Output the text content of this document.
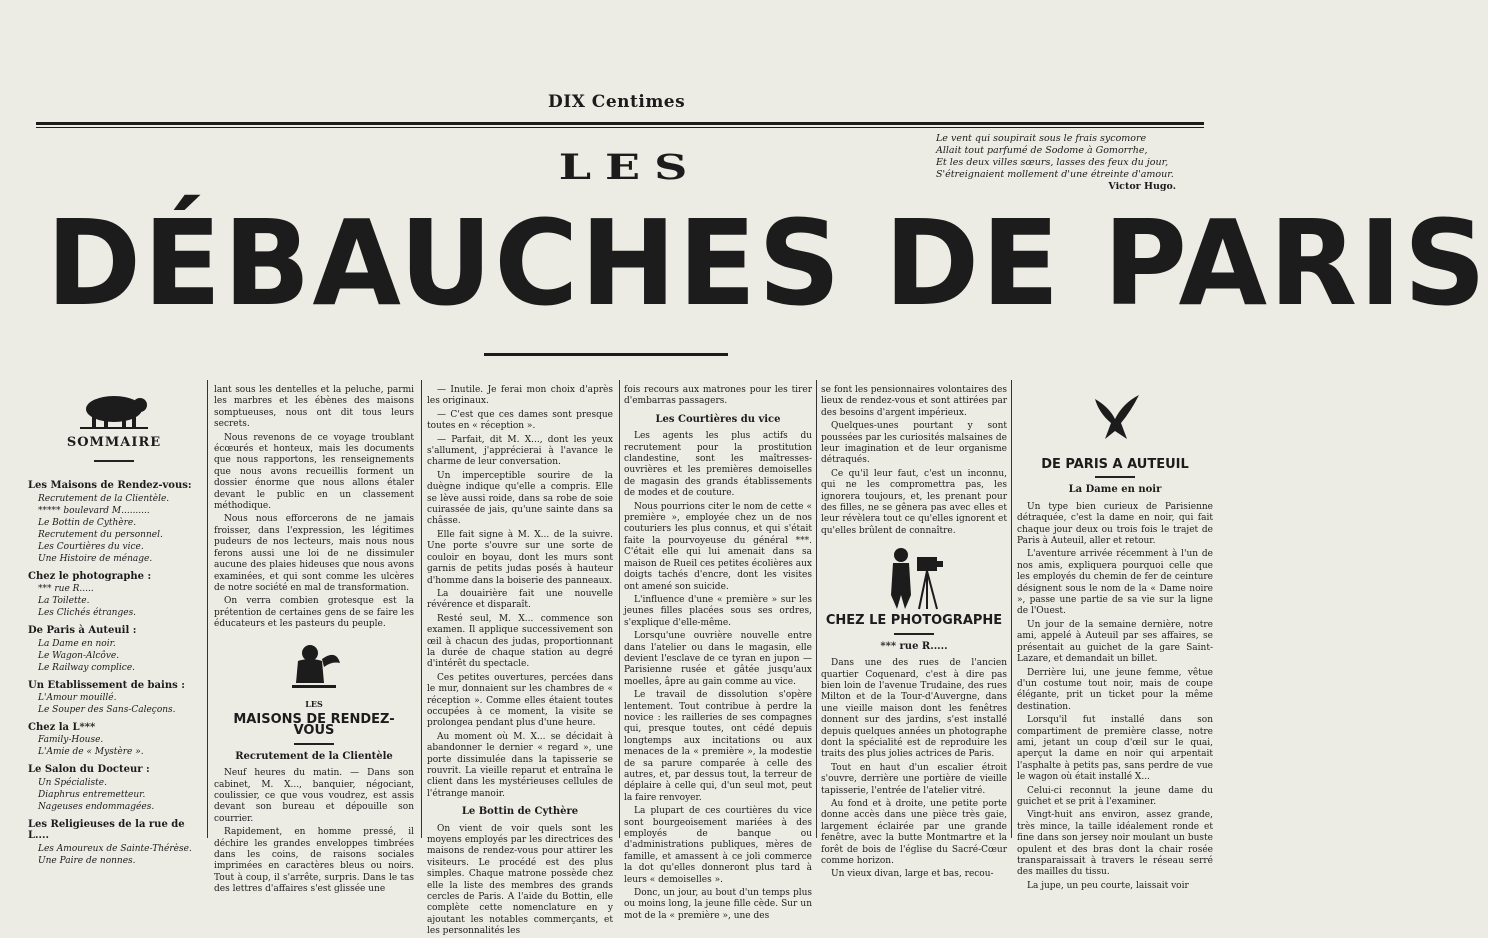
DIX Centimes
Le vent qui soupirait sous le frais sycomore
Allait tout parfumé de Sodome à Gomorrhe,
Et les deux villes sœurs, lasses des feux du jour,
S'étreignaient mollement d'une étreinte d'amour.
Victor Hugo.
LES
DÉBAUCHES DE PARIS
SOMMAIRE
Les Maisons de Rendez-vous:
Recrutement de la Clientèle.
***** boulevard M..........
Le Bottin de Cythère.
Recrutement du personnel.
Les Courtières du vice.
Une Histoire de ménage.
Chez le photographe :
*** rue R.....
La Toilette.
Les Clichés étranges.
De Paris à Auteuil :
La Dame en noir.
Le Wagon-Alcôve.
Le Railway complice.
Un Etablissement de bains :
L'Amour mouillé.
Le Souper des Sans-Caleçons.
Chez la L***
Family-House.
L'Amie de « Mystère ».
Le Salon du Docteur :
Un Spécialiste.
Diaphrus entremetteur.
Nageuses endommagées.
Les Religieuses de la rue de L....
Les Amoureux de Sainte-Thérèse.
Une Paire de nonnes.

lant sous les dentelles et la peluche, parmi les marbres et les ébènes des maisons somptueuses, nous ont dit tous leurs secrets.

Nous revenons de ce voyage troublant écœurés et honteux, mais les documents que nous rapportons, les renseignements que nous avons recueillis forment un dossier énorme que nous allons étaler devant le public en un classement méthodique.

Nous nous efforcerons de ne jamais froisser, dans l'expression, les légitimes pudeurs de nos lecteurs, mais nous nous ferons aussi une loi de ne dissimuler aucune des plaies hideuses que nous avons examinées, et qui sont comme les ulcères de notre société en mal de transformation.

On verra combien grotesque est la prétention de certaines gens de se faire les éducateurs et les pasteurs du peuple.

LES
MAISONS DE RENDEZ-VOUS
Recrutement de la Clientèle

Neuf heures du matin. — Dans son cabinet, M. X..., banquier, négociant, coulissier, ce que vous voudrez, est assis devant son bureau et dépouille son courrier.

Rapidement, en homme pressé, il déchire les grandes enveloppes timbrées dans les coins, de raisons sociales imprimées en caractères bleus ou noirs. Tout à coup, il s'arrête, surpris. Dans le tas des lettres d'affaires s'est glissée une

— Inutile. Je ferai mon choix d'après les originaux.

— C'est que ces dames sont presque toutes en « réception ».

— Parfait, dit M. X..., dont les yeux s'allument, j'apprécierai à l'avance le charme de leur conversation.

Un imperceptible sourire de la duègne indique qu'elle a compris. Elle se lève aussi roide, dans sa robe de soie cuirassée de jais, qu'une sainte dans sa châsse.

Elle fait signe à M. X... de la suivre. Une porte s'ouvre sur une sorte de couloir en boyau, dont les murs sont garnis de petits judas posés à hauteur d'homme dans la boiserie des panneaux.

La douairière fait une nouvelle révérence et disparaît.

Resté seul, M. X... commence son examen. Il applique successivement son œil à chacun des judas, proportionnant la durée de chaque station au degré d'intérêt du spectacle.

Ces petites ouvertures, percées dans le mur, donnaient sur les chambres de « réception ». Comme elles étaient toutes occupées à ce moment, la visite se prolongea pendant plus d'une heure.

Au moment où M. X... se décidait à abandonner le dernier « regard », une porte dissimulée dans la tapisserie se rouvrit. La vieille reparut et entraîna le client dans les mystérieuses cellules de l'étrange manoir.

Le Bottin de Cythère

On vient de voir quels sont les moyens employés par les directrices des maisons de rendez-vous pour attirer les visiteurs. Le procédé est des plus simples. Chaque matrone possède chez elle la liste des membres des grands cercles de Paris. A l'aide du Bottin, elle complète cette nomenclature en y ajoutant les notables commerçants, et les personnalités les

fois recours aux matrones pour les tirer d'embarras passagers.

Les Courtières du vice

Les agents les plus actifs du recrutement pour la prostitution clandestine, sont les maîtresses-ouvrières et les premières demoiselles de magasin des grands établissements de modes et de couture.

Nous pourrions citer le nom de cette « première », employée chez un de nos couturiers les plus connus, et qui s'était faite la pourvoyeuse du général ***. C'était elle qui lui amenait dans sa maison de Rueil ces petites écolières aux doigts tachés d'encre, dont les visites ont amené son suicide.

L'influence d'une « première » sur les jeunes filles placées sous ses ordres, s'explique d'elle-même.

Lorsqu'une ouvrière nouvelle entre dans l'atelier ou dans le magasin, elle devient l'esclave de ce tyran en jupon — Parisienne rusée et gâtée jusqu'aux moelles, âpre au gain comme au vice.

Le travail de dissolution s'opère lentement. Tout contribue à perdre la novice : les railleries de ses compagnes qui, presque toutes, ont cédé depuis longtemps aux incitations ou aux menaces de la « première », la modestie de sa parure comparée à celle des autres, et, par dessus tout, la terreur de déplaire à celle qui, d'un seul mot, peut la faire renvoyer.

La plupart de ces courtières du vice sont bourgeoisement mariées à des employés de banque ou d'administrations publiques, mères de famille, et amassent à ce joli commerce la dot qu'elles donneront plus tard à leurs « demoiselles ».

Donc, un jour, au bout d'un temps plus ou moins long, la jeune fille cède. Sur un mot de la « première », une des

se font les pensionnaires volontaires des lieux de rendez-vous et sont attirées par des besoins d'argent impérieux.

Quelques-unes pourtant y sont poussées par les curiosités malsaines de leur imagination et de leur organisme détraqués.

Ce qu'il leur faut, c'est un inconnu, qui ne les compromettra pas, les ignorera toujours, et, les prenant pour des filles, ne se gênera pas avec elles et leur révèlera tout ce qu'elles ignorent et qu'elles brûlent de connaître.

CHEZ LE PHOTOGRAPHE
*** rue R.....

Dans une des rues de l'ancien quartier Coquenard, c'est à dire pas bien loin de l'avenue Trudaine, des rues Milton et de la Tour-d'Auvergne, dans une vieille maison dont les fenêtres donnent sur des jardins, s'est installé depuis quelques années un photographe dont la spécialité est de reproduire les traits des plus jolies actrices de Paris.

Tout en haut d'un escalier étroit s'ouvre, derrière une portière de vieille tapisserie, l'entrée de l'atelier vitré.

Au fond et à droite, une petite porte donne accès dans une pièce très gaie, largement éclairée par une grande fenêtre, avec la butte Montmartre et la forêt de bois de l'église du Sacré-Cœur comme horizon.

Un vieux divan, large et bas, recou-

DE PARIS A AUTEUIL
La Dame en noir

Un type bien curieux de Parisienne détraquée, c'est la dame en noir, qui fait chaque jour deux ou trois fois le trajet de Paris à Auteuil, aller et retour.

L'aventure arrivée récemment à l'un de nos amis, expliquera pourquoi celle que les employés du chemin de fer de ceinture désignent sous le nom de la « Dame noire », passe une partie de sa vie sur la ligne de l'Ouest.

Un jour de la semaine dernière, notre ami, appelé à Auteuil par ses affaires, se présentait au guichet de la gare Saint-Lazare, et demandait un billet.

Derrière lui, une jeune femme, vêtue d'un costume tout noir, mais de coupe élégante, prit un ticket pour la même destination.

Lorsqu'il fut installé dans son compartiment de première classe, notre ami, jetant un coup d'œil sur le quai, aperçut la dame en noir qui arpentait l'asphalte à petits pas, sans perdre de vue le wagon où était installé X...

Celui-ci reconnut la jeune dame du guichet et se prit à l'examiner.

Vingt-huit ans environ, assez grande, très mince, la taille idéalement ronde et fine dans son jersey noir moulant un buste opulent et des bras dont la chair rosée transparaissait à travers le réseau serré des mailles du tissu.

La jupe, un peu courte, laissait voir
